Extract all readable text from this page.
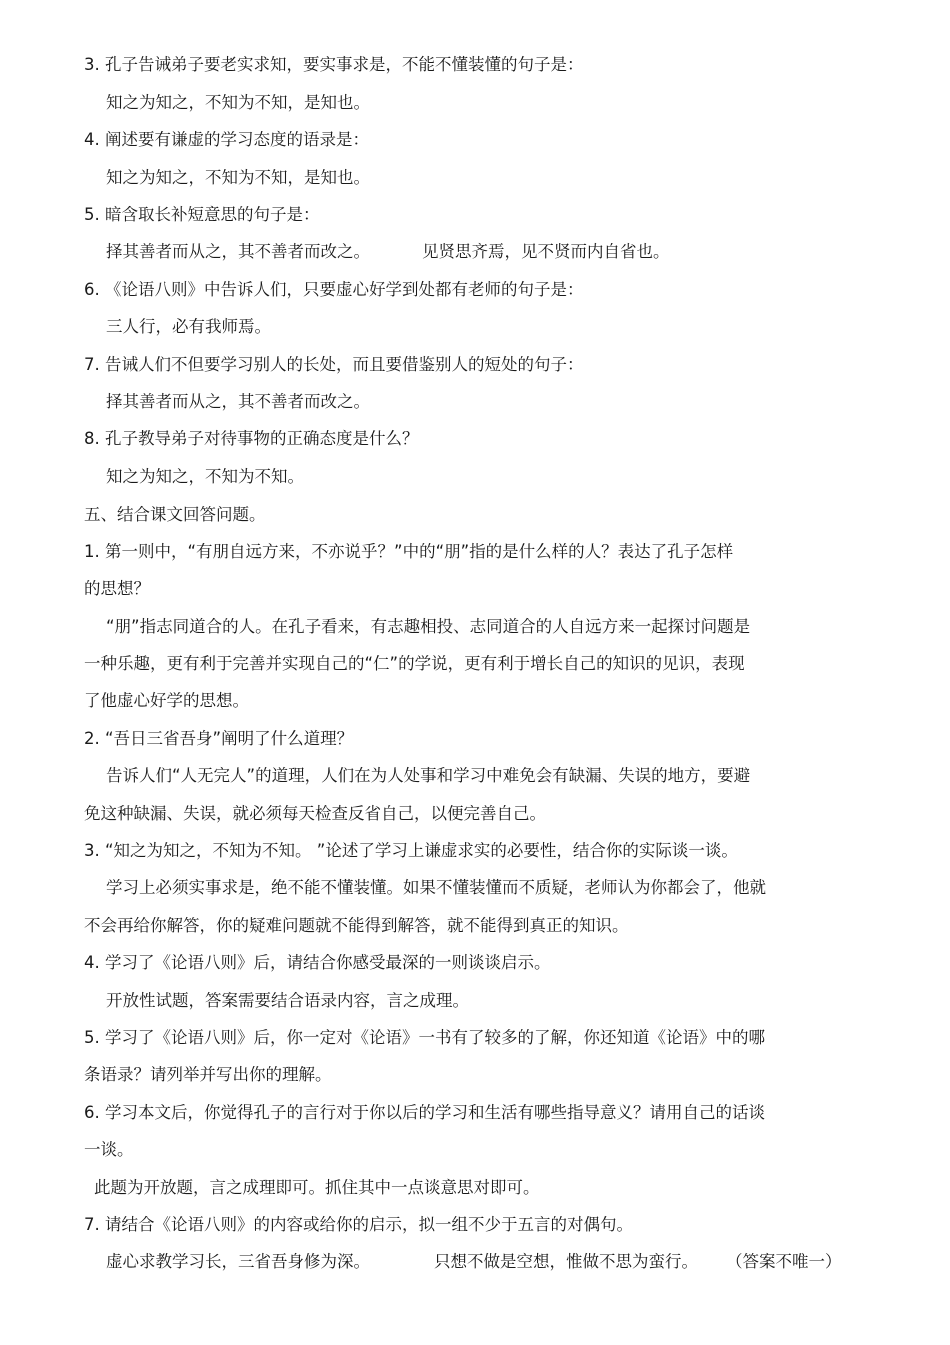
3. 孔子告诫弟子要老实求知，要实事求是，不能不懂装懂的句子是：
知之为知之，不知为不知，是知也。
4. 阐述要有谦虚的学习态度的语录是：
知之为知之，不知为不知，是知也。
5. 暗含取长补短意思的句子是：
择其善者而从之，其不善者而改之。	见贤思齐焉，见不贤而内自省也。
6. 《论语八则》中告诉人们，只要虚心好学到处都有老师的句子是：
三人行，必有我师焉。
7. 告诫人们不但要学习别人的长处，而且要借鉴别人的短处的句子：
择其善者而从之，其不善者而改之。
8. 孔子教导弟子对待事物的正确态度是什么？
知之为知之，不知为不知。
五、结合课文回答问题。
1. 第一则中，“有朋自远方来，不亦说乎？”中的“朋”指的是什么样的人？表达了孔子怎样
的思想？
“朋”指志同道合的人。在孔子看来，有志趣相投、志同道合的人自远方来一起探讨问题是
一种乐趣，更有利于完善并实现自己的“仁”的学说，更有利于增长自己的知识的见识，表现
了他虚心好学的思想。
2. “吾日三省吾身”阐明了什么道理？
告诉人们“人无完人”的道理，人们在为人处事和学习中难免会有缺漏、失误的地方，要避
免这种缺漏、失误，就必须每天检查反省自己，以便完善自己。
3. “知之为知之，不知为不知。 ”论述了学习上谦虚求实的必要性，结合你的实际谈一谈。
学习上必须实事求是，绝不能不懂装懂。如果不懂装懂而不质疑，老师认为你都会了，他就
不会再给你解答，你的疑难问题就不能得到解答，就不能得到真正的知识。
4. 学习了《论语八则》后，请结合你感受最深的一则谈谈启示。
开放性试题，答案需要结合语录内容，言之成理。
5. 学习了《论语八则》后，你一定对《论语》一书有了较多的了解，你还知道《论语》中的哪
条语录？请列举并写出你的理解。
6. 学习本文后，你觉得孔子的言行对于你以后的学习和生活有哪些指导意义？请用自己的话谈
一谈。
此题为开放题，言之成理即可。抓住其中一点谈意思对即可。
7. 请结合《论语八则》的内容或给你的启示，拟一组不少于五言的对偶句。
虚心求教学习长，三省吾身修为深。	只想不做是空想，惟做不思为蛮行。 （答案不唯一）
